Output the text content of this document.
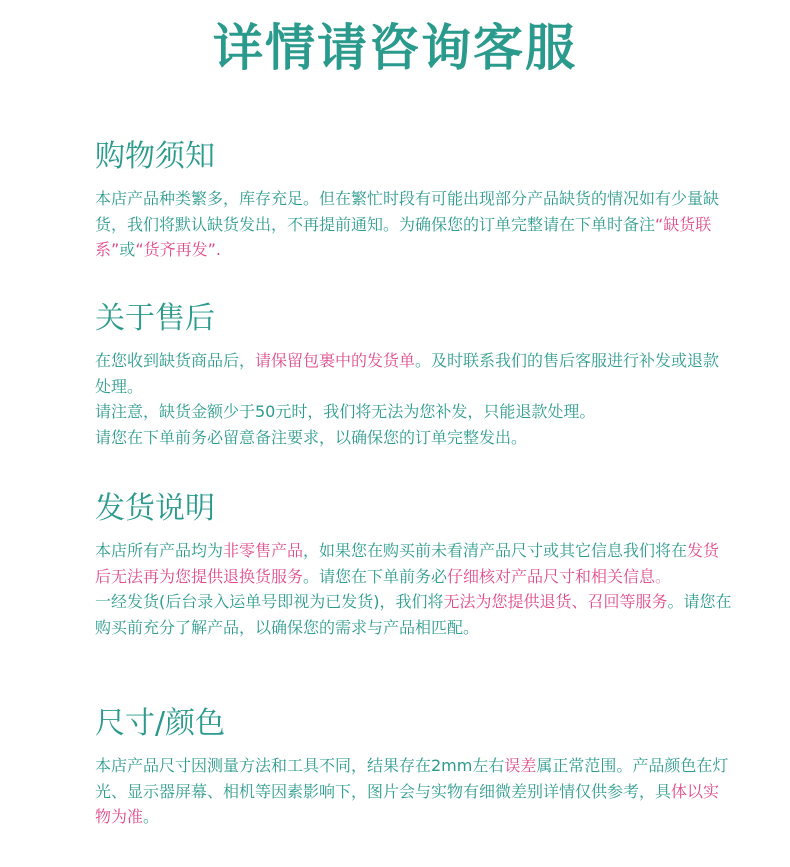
详情请咨询客服
购物须知
本店产品种类繁多，库存充足。但在繁忙时段有可能出现部分产品缺货的情况如有少量缺货，我们将默认缺货发出，不再提前通知。为确保您的订单完整请在下单时备注“缺货联系”或“货齐再发”.
关于售后
在您收到缺货商品后，请保留包裹中的发货单。及时联系我们的售后客服进行补发或退款处理。
请注意，缺货金额少于50元时，我们将无法为您补发，只能退款处理。
请您在下单前务必留意备注要求，以确保您的订单完整发出。
发货说明
本店所有产品均为非零售产品，如果您在购买前未看清产品尺寸或其它信息我们将在发货后无法再为您提供退换货服务。请您在下单前务必仔细核对产品尺寸和相关信息。
一经发货(后台录入运单号即视为已发货)，我们将无法为您提供退货、召回等服务。请您在购买前充分了解产品，以确保您的需求与产品相匹配。
尺寸/颜色
本店产品尺寸因测量方法和工具不同，结果存在2mm左右误差属正常范围。产品颜色在灯光、显示器屏幕、相机等因素影响下，图片会与实物有细微差别详情仅供参考，具体以实物为准。
